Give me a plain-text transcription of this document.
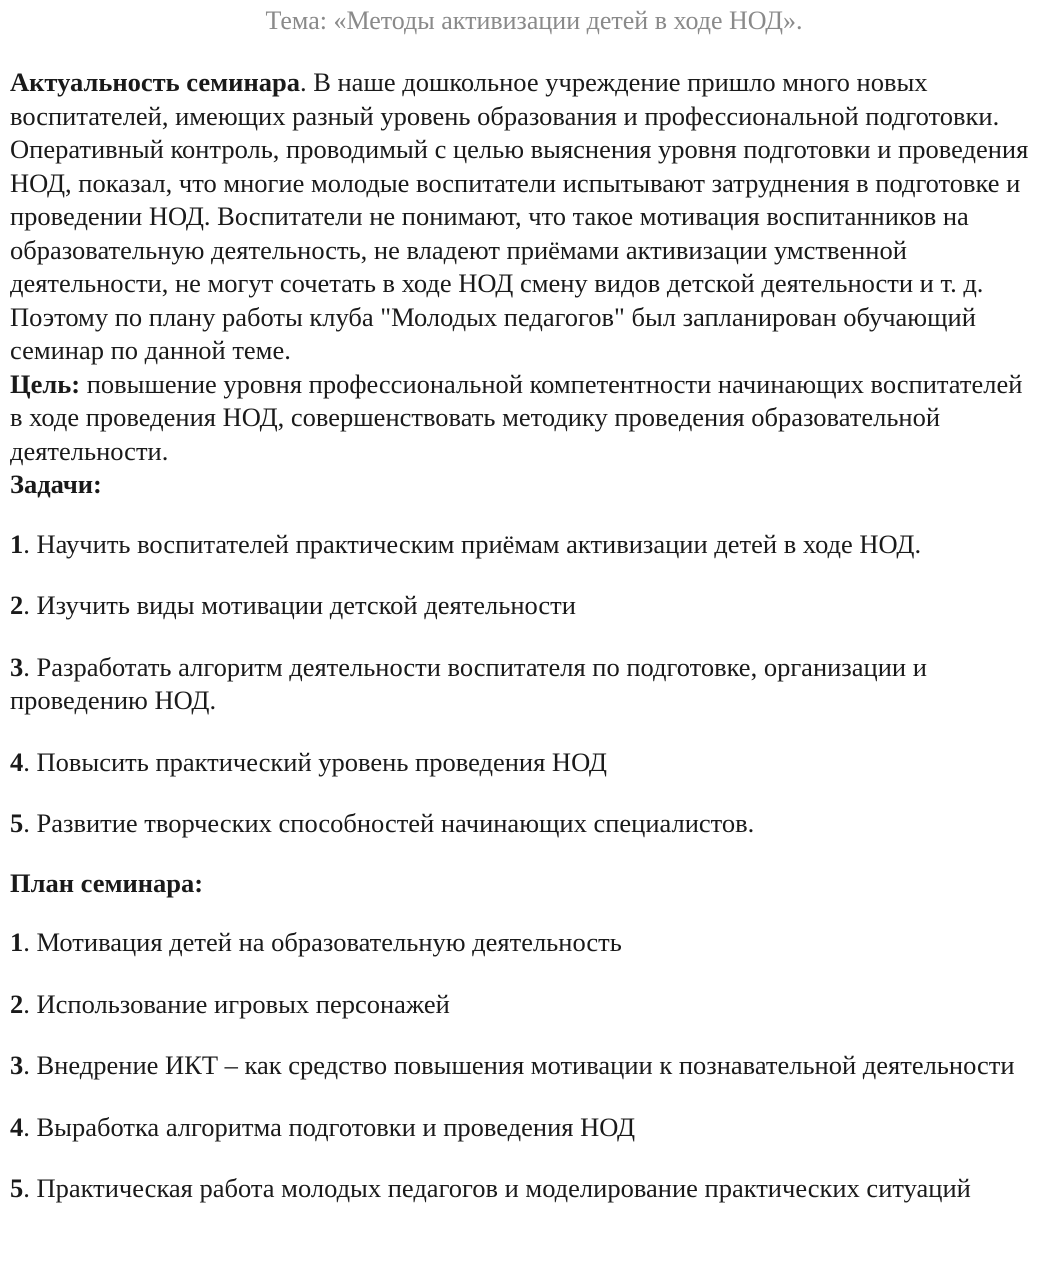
Тема: «Методы активизации детей в ходе НОД».

Актуальность семинара. В наше дошкольное учреждение пришло много новых воспитателей, имеющих разный уровень образования и профессиональной подготовки. Оперативный контроль, проводимый с целью выяснения уровня подготовки и проведения НОД, показал, что многие молодые воспитатели испытывают затруднения в подготовке и проведении НОД. Воспитатели не понимают, что такое мотивация воспитанников на образовательную деятельность, не владеют приёмами активизации умственной деятельности, не могут сочетать в ходе НОД смену видов детской деятельности и т. д. Поэтому по плану работы клуба "Молодых педагогов" был запланирован обучающий семинар по данной теме.

Цель: повышение уровня профессиональной компетентности начинающих воспитателей в ходе проведения НОД, совершенствовать методику проведения образовательной деятельности.

Задачи:

1. Научить воспитателей практическим приёмам активизации детей в ходе НОД.

2. Изучить виды мотивации детской деятельности

3. Разработать алгоритм деятельности воспитателя по подготовке, организации и проведению НОД.

4. Повысить практический уровень проведения НОД

5. Развитие творческих способностей начинающих специалистов.

План семинара:

1. Мотивация детей на образовательную деятельность

2. Использование игровых персонажей

3. Внедрение ИКТ – как средство повышения мотивации к познавательной деятельности

4. Выработка алгоритма подготовки и проведения НОД

5. Практическая работа молодых педагогов и моделирование практических ситуаций
